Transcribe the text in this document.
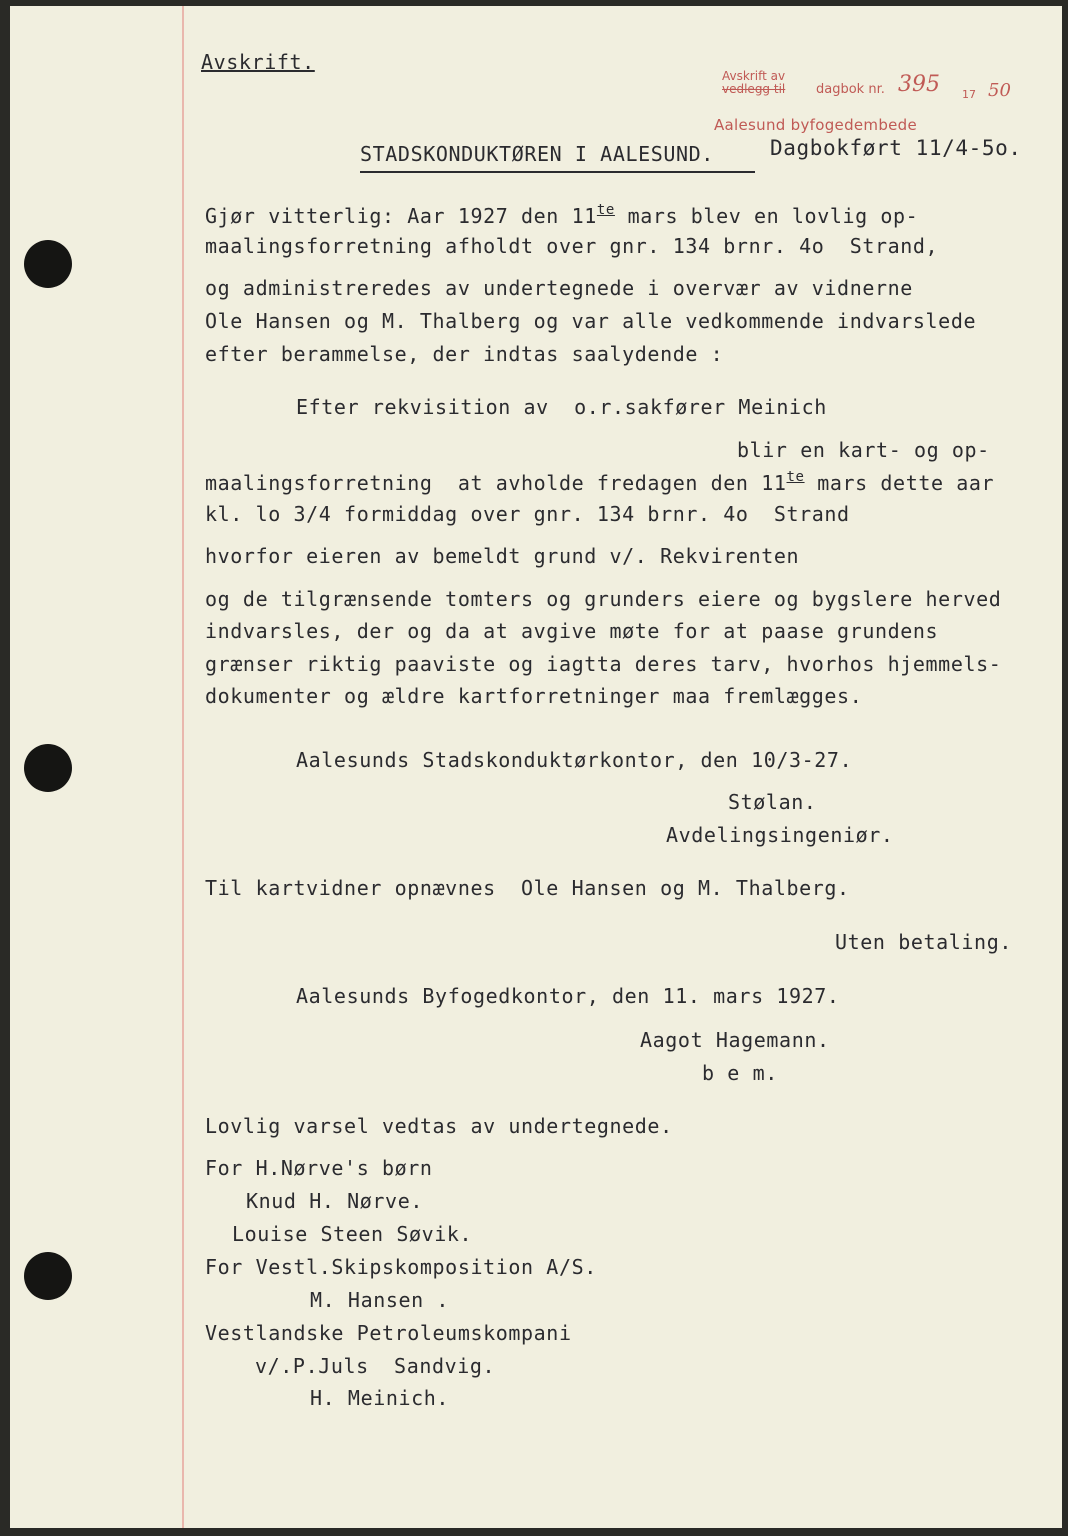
Avskrift.
Avskrift av
vedlegg til dagbok nr. 395 17 50
Aalesund byfogedembede
STADSKONDUKTØREN I AALESUND.	Dagbokført 11/4-5o.
Gjør vitterlig: Aar 1927 den $11^{te}$ mars blev en lovlig op-
maalingsforretning afholdt over gnr. 134 brnr. 4o  Strand,
og administreredes av undertegnede i overvær av vidnerne
Ole Hansen og M. Thalberg og var alle vedkommende indvarslede
efter berammelse, der indtas saalydende :
Efter rekvisition av  o.r.sakfører Meinich
blir en kart- og op-
maalingsforretning  at avholde fredagen den $11^{te}$ mars dette aar
kl. lo 3/4 formiddag over gnr. 134 brnr. 4o  Strand
hvorfor eieren av bemeldt grund v/. Rekvirenten
og de tilgrænsende tomters og grunders eiere og bygslere herved
indvarsles, der og da at avgive møte for at paase grundens
grænser riktig paaviste og iagtta deres tarv, hvorhos hjemmels-
dokumenter og ældre kartforretninger maa fremlægges.
Aalesunds Stadskonduktørkontor, den 10/3-27.
Stølan.
Avdelingsingeniør.
Til kartvidner opnævnes  Ole Hansen og M. Thalberg.
Uten betaling.
Aalesunds Byfogedkontor, den 11. mars 1927.
Aagot Hagemann.
b e m.
Lovlig varsel vedtas av undertegnede.
For H.Nørve's børn
Knud H. Nørve.
Louise Steen Søvik.
For Vestl.Skipskomposition A/S.
M. Hansen .
Vestlandske Petroleumskompani
v/.P.Juls  Sandvig.
H. Meinich.
